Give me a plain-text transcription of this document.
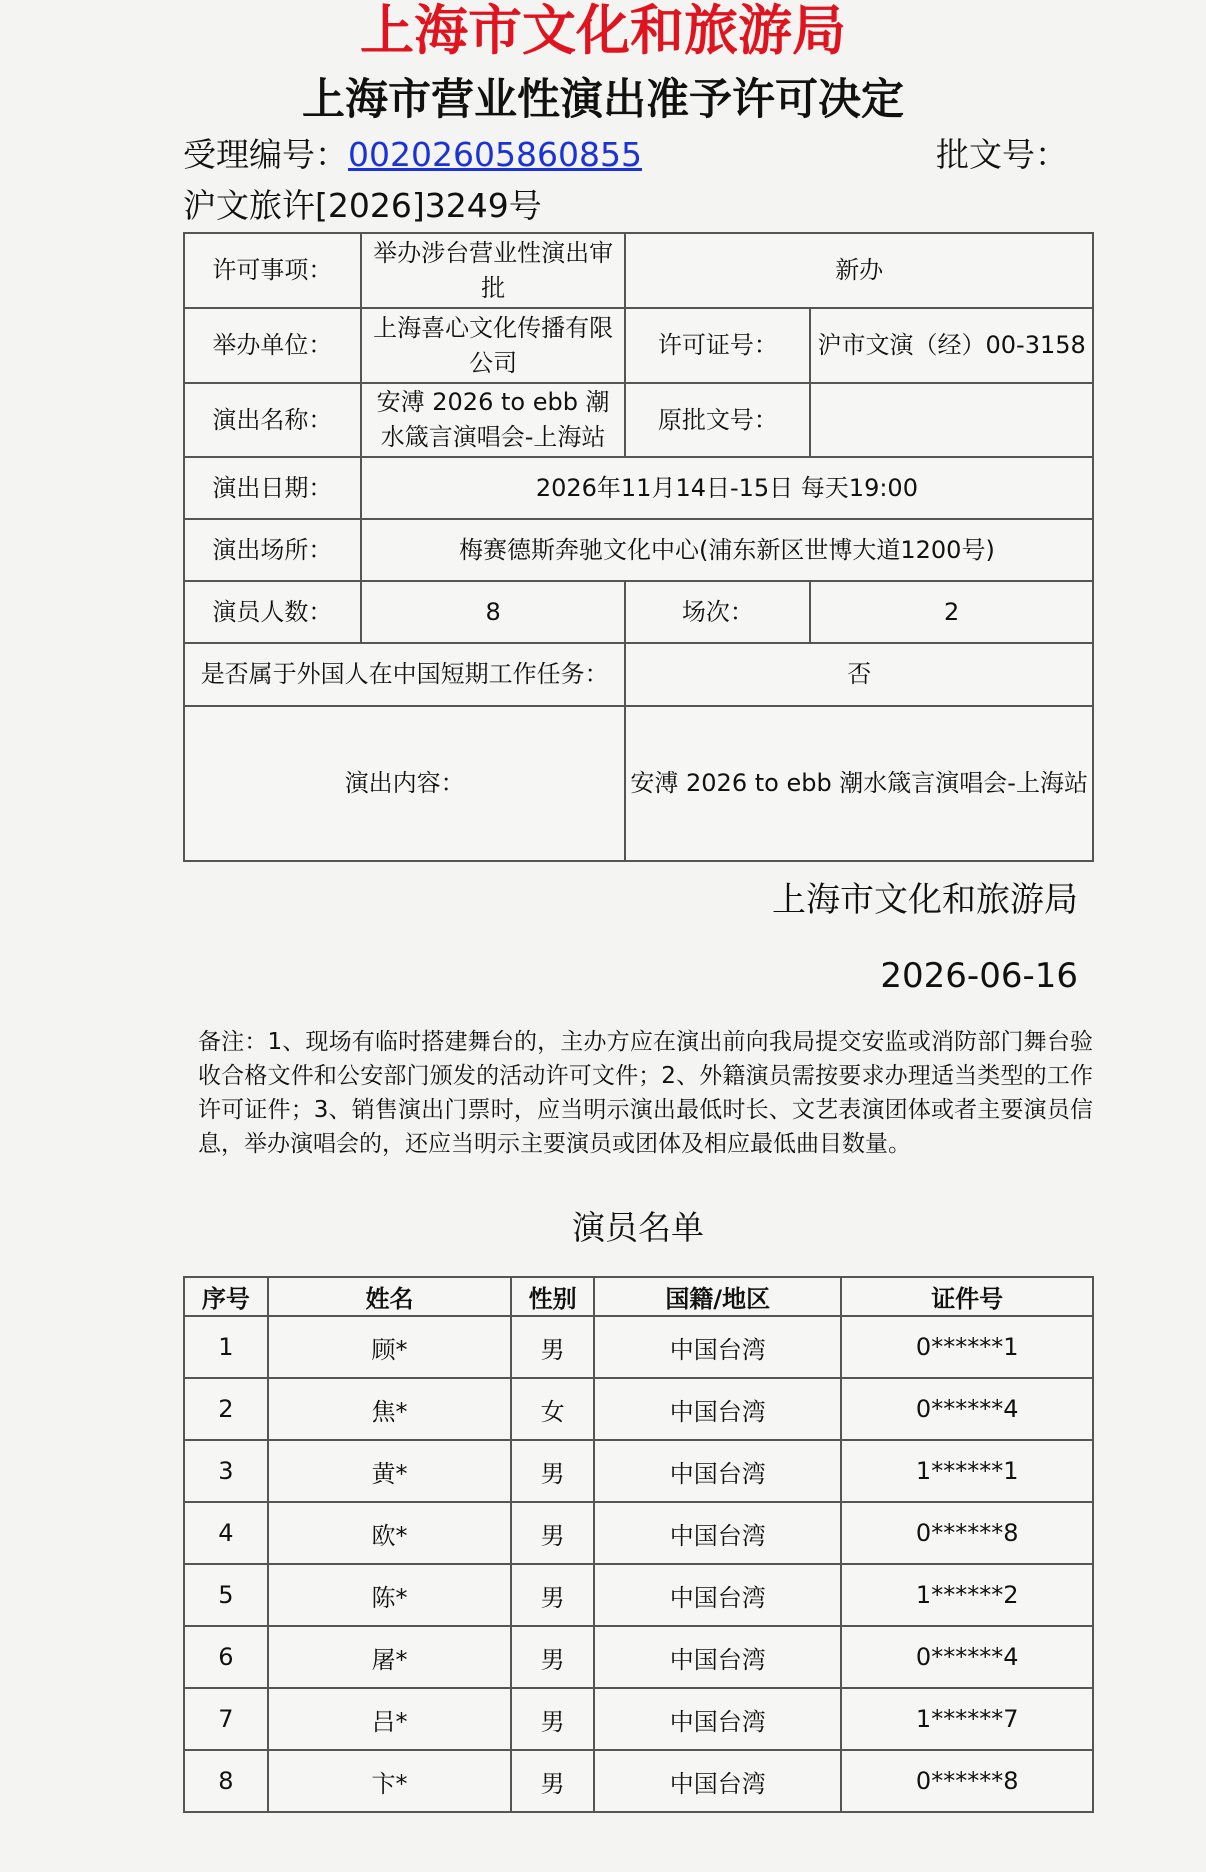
上海市文化和旅游局
上海市营业性演出准予许可决定
受理编号：00202605860855	批文号：
沪文旅许[2026]3249号
许可事项：	举办涉台营业性演出审批	新办	
举办单位：	上海喜心文化传播有限公司	许可证号：	沪市文演（经）00-3158
演出名称：	安溥 2026 to ebb 潮水箴言演唱会-上海站	原批文号：	
演出日期：	2026年11月14日-15日 每天19:00		
演出场所：	梅赛德斯奔驰文化中心(浦东新区世博大道1200号)		
演员人数：	8	场次：	2
是否属于外国人在中国短期工作任务：		否	
演出内容：		安溥 2026 to ebb 潮水箴言演唱会-上海站	
上海市文化和旅游局
2026-06-16
备注：1、现场有临时搭建舞台的，主办方应在演出前向我局提交安监或消防部门舞台验收合格文件和公安部门颁发的活动许可文件；2、外籍演员需按要求办理适当类型的工作许可证件；3、销售演出门票时，应当明示演出最低时长、文艺表演团体或者主要演员信息，举办演唱会的，还应当明示主要演员或团体及相应最低曲目数量。
演员名单
序号	姓名	性别	国籍/地区	证件号
1	顾*	男	中国台湾	0******1
2	焦*	女	中国台湾	0******4
3	黄*	男	中国台湾	1******1
4	欧*	男	中国台湾	0******8
5	陈*	男	中国台湾	1******2
6	屠*	男	中国台湾	0******4
7	吕*	男	中国台湾	1******7
8	卞*	男	中国台湾	0******8
